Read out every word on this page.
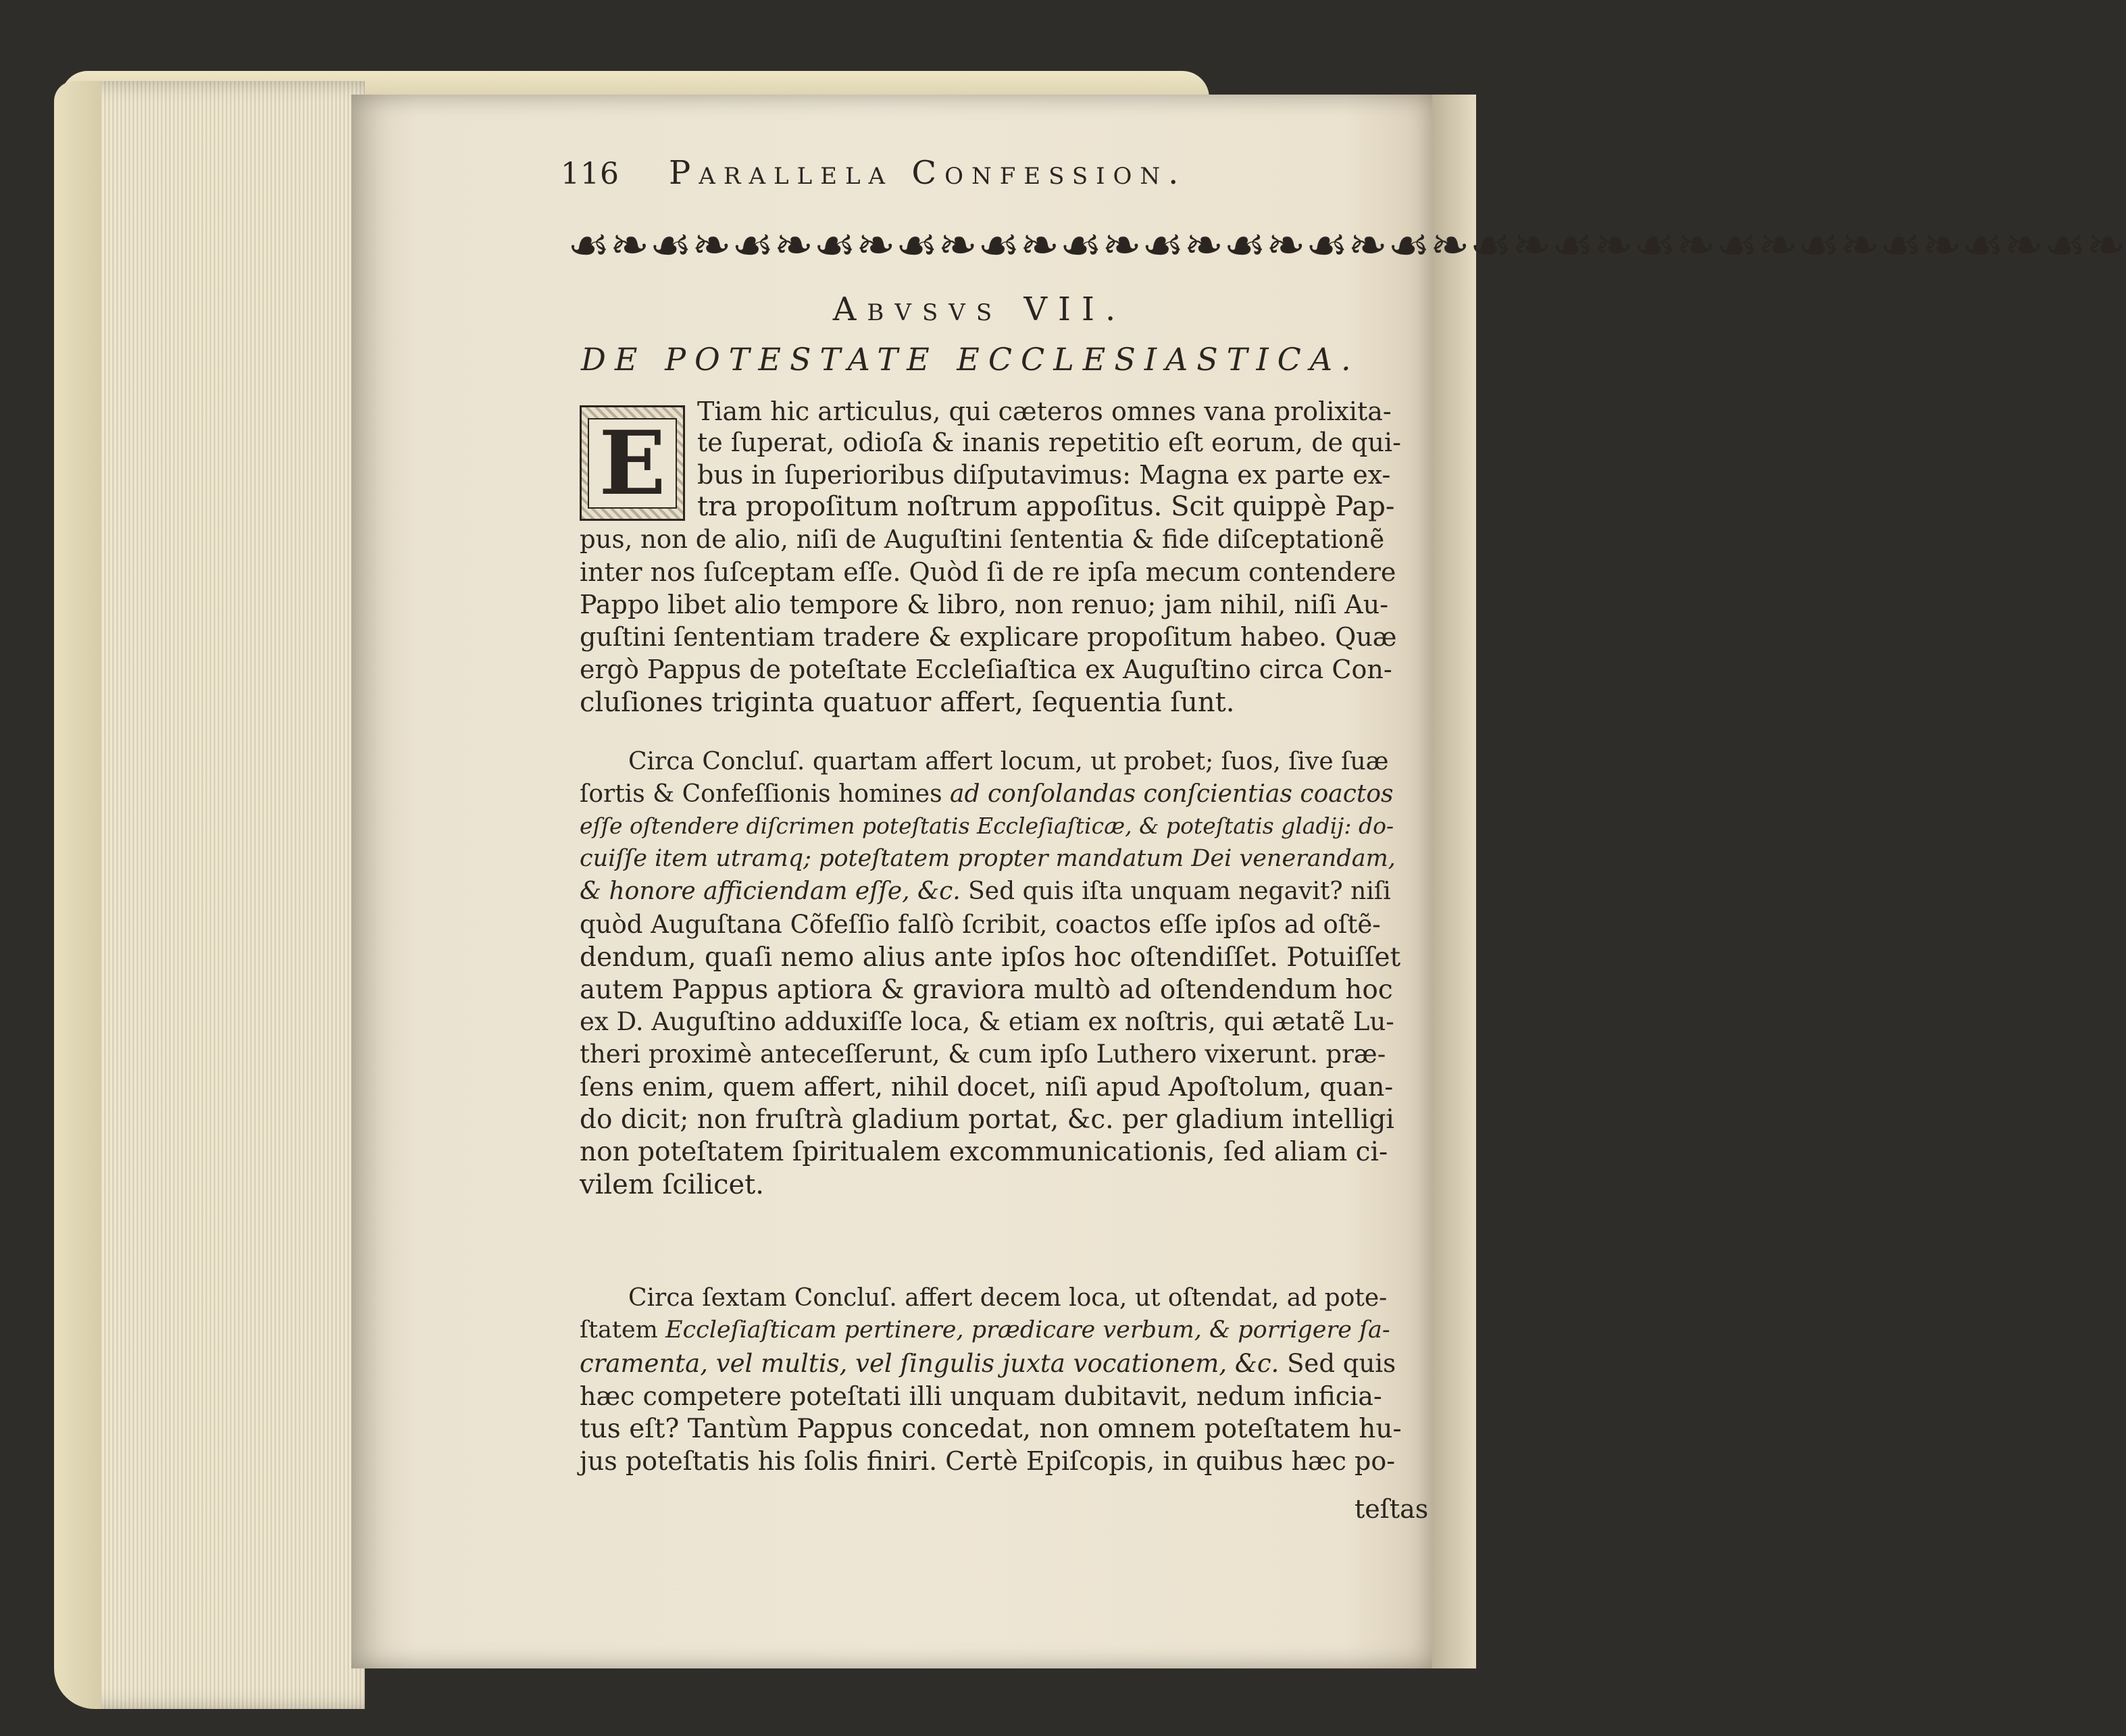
116 Parallela Confession.
☙❧☙❧☙❧☙❧☙❧☙❧☙❧☙❧☙❧☙❧☙❧☙❧☙❧☙❧☙❧☙❧☙❧☙❧☙❧
Abvsvs VII.
DE POTESTATE ECCLESIASTICA.
E	Tiam hic articulus, qui cæteros omnes vana prolixita-
te ſuperat, odioſa & inanis repetitio eſt eorum, de qui-
bus in ſuperioribus diſputavimus: Magna ex parte ex-
tra propoſitum noſtrum appoſitus. Scit quippè Pap-
pus, non de alio, niſi de Auguſtini ſententia & fide diſceptationẽ
inter nos ſuſceptam eſſe. Quòd ſi de re ipſa mecum contendere
Pappo libet alio tempore & libro, non renuo; jam nihil, niſi Au-
guſtini ſententiam tradere & explicare propoſitum habeo. Quæ
ergò Pappus de poteſtate Eccleſiaſtica ex Auguſtino circa Con-
cluſiones triginta quatuor affert, ſequentia ſunt.
Circa Concluſ. quartam affert locum, ut probet; ſuos, ſive ſuæ
ſortis & Confeſſionis homines ad conſolandas conſcientias coactos
eſſe oſtendere diſcrimen poteſtatis Eccleſiaſticæ, & poteſtatis gladij: do-
cuiſſe item utramq; poteſtatem propter mandatum Dei venerandam,
& honore afficiendam eſſe, &c. Sed quis iſta unquam negavit? niſi
quòd Auguſtana Cõfeſſio falſò ſcribit, coactos eſſe ipſos ad oſtẽ-
dendum, quaſi nemo alius ante ipſos hoc oſtendiſſet. Potuiſſet
autem Pappus aptiora & graviora multò ad oſtendendum hoc
ex D. Auguſtino adduxiſſe loca, & etiam ex noſtris, qui ætatẽ Lu-
theri proximè anteceſſerunt, & cum ipſo Luthero vixerunt. præ-
ſens enim, quem affert, nihil docet, niſi apud Apoſtolum, quan-
do dicit; non fruſtrà gladium portat, &c. per gladium intelligi
non poteſtatem ſpiritualem excommunicationis, ſed aliam ci-
vilem ſcilicet.
Circa ſextam Concluſ. affert decem loca, ut oſtendat, ad pote-
ſtatem Eccleſiaſticam pertinere, prædicare verbum, & porrigere ſa-
cramenta, vel multis, vel ſingulis juxta vocationem, &c. Sed quis
hæc competere poteſtati illi unquam dubitavit, nedum inficia-
tus eſt? Tantùm Pappus concedat, non omnem poteſtatem hu-
jus poteſtatis his ſolis finiri. Certè Epiſcopis, in quibus hæc po-
teſtas
